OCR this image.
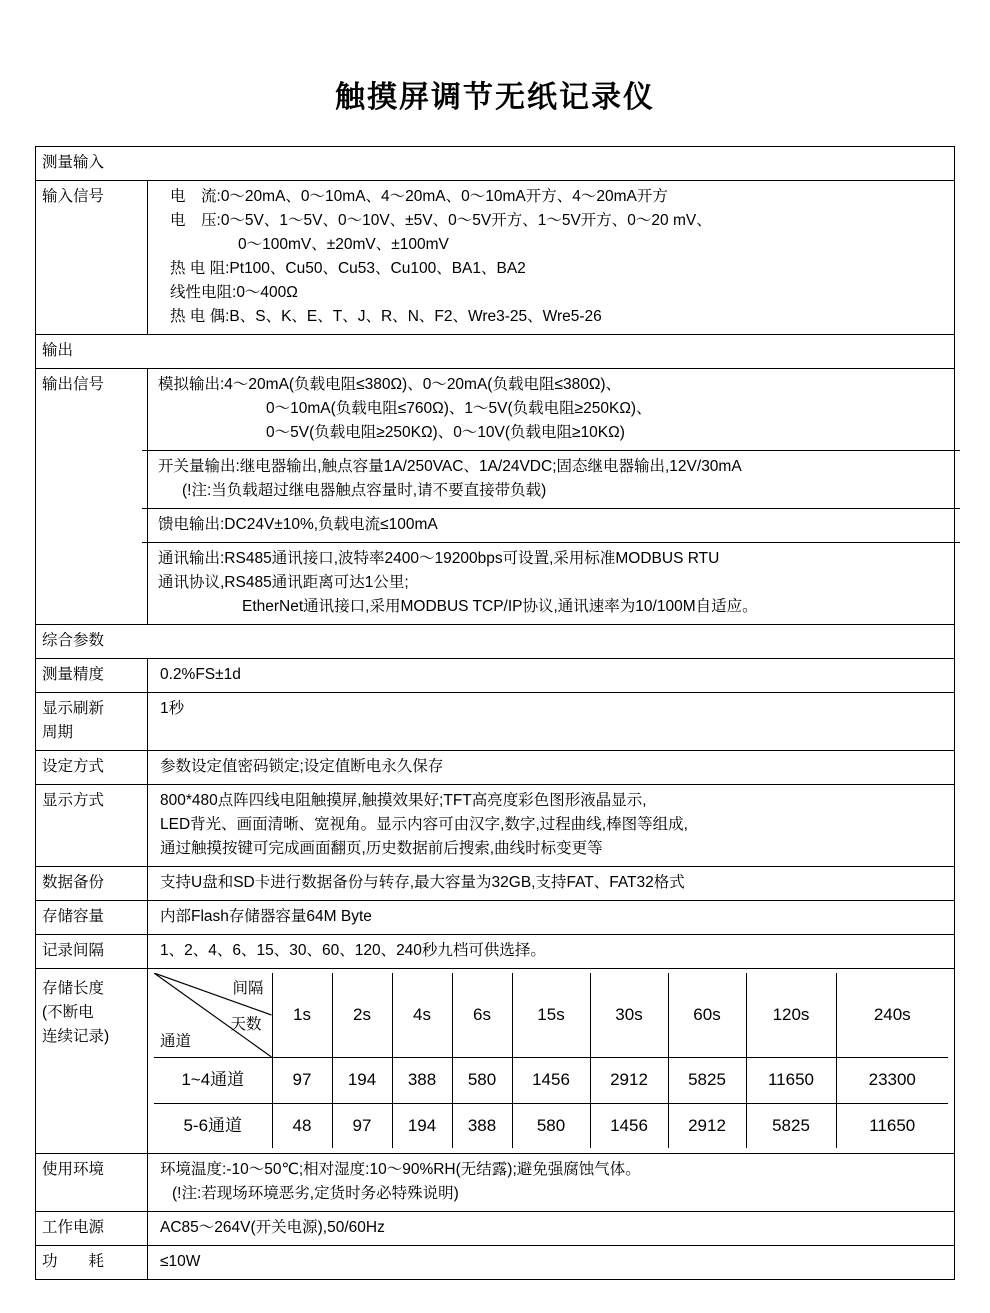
触摸屏调节无纸记录仪
测量输入
输入信号	电　流:0～20mA、0～10mA、4～20mA、0～10mA开方、4～20mA开方
电　压:0～5V、1～5V、0～10V、±5V、0～5V开方、1～5V开方、0～20 mV、
0～100mV、±20mV、±100mV
热 电 阻:Pt100、Cu50、Cu53、Cu100、BA1、BA2
线性电阻:0～400Ω
热 电 偶:B、S、K、E、T、J、R、N、F2、Wre3-25、Wre5-26

输出
输出信号	模拟输出:4～20mA(负载电阻≤380Ω)、0～20mA(负载电阻≤380Ω)、
0～10mA(负载电阻≤760Ω)、1～5V(负载电阻≥250KΩ)、
0～5V(负载电阻≥250KΩ)、0～10V(负载电阻≥10KΩ)
开关量输出:继电器输出,触点容量1A/250VAC、1A/24VDC;固态继电器输出,12V/30mA
(!注:当负载超过继电器触点容量时,请不要直接带负载)
馈电输出:DC24V±10%,负载电流≤100mA
通讯输出:RS485通讯接口,波特率2400～19200bps可设置,采用标准MODBUS RTU
通讯协议,RS485通讯距离可达1公里;
EtherNet通讯接口,采用MODBUS TCP/IP协议,通讯速率为10/100M自适应。

综合参数
测量精度	0.2%FS±1d
显示刷新
周期	1秒
设定方式	参数设定值密码锁定;设定值断电永久保存
显示方式	800*480点阵四线电阻触摸屏,触摸效果好;TFT高亮度彩色图形液晶显示,
LED背光、画面清晰、宽视角。显示内容可由汉字,数字,过程曲线,棒图等组成,
通过触摸按键可完成画面翻页,历史数据前后搜索,曲线时标变更等

数据备份	支持U盘和SD卡进行数据备份与转存,最大容量为32GB,支持FAT、FAT32格式
存储容量	内部Flash存储器容量64M Byte
记录间隔	1、2、4、6、15、30、60、120、240秒九档可供选择。
存储长度
(不断电
连续记录)	
间隔
天数
通道
	1s	2s	4s	6s	15s	30s	60s	120s	240s
1~4通道	97	194	388	580	1456	2912	5825	11650	23300
5-6通道	48	97	194	388	580	1456	2912	5825	11650

使用环境	环境温度:-10～50℃;相对湿度:10～90%RH(无结露);避免强腐蚀气体。
(!注:若现场环境恶劣,定货时务必特殊说明)

工作电源	AC85～264V(开关电源),50/60Hz
功　　耗	≤10W
